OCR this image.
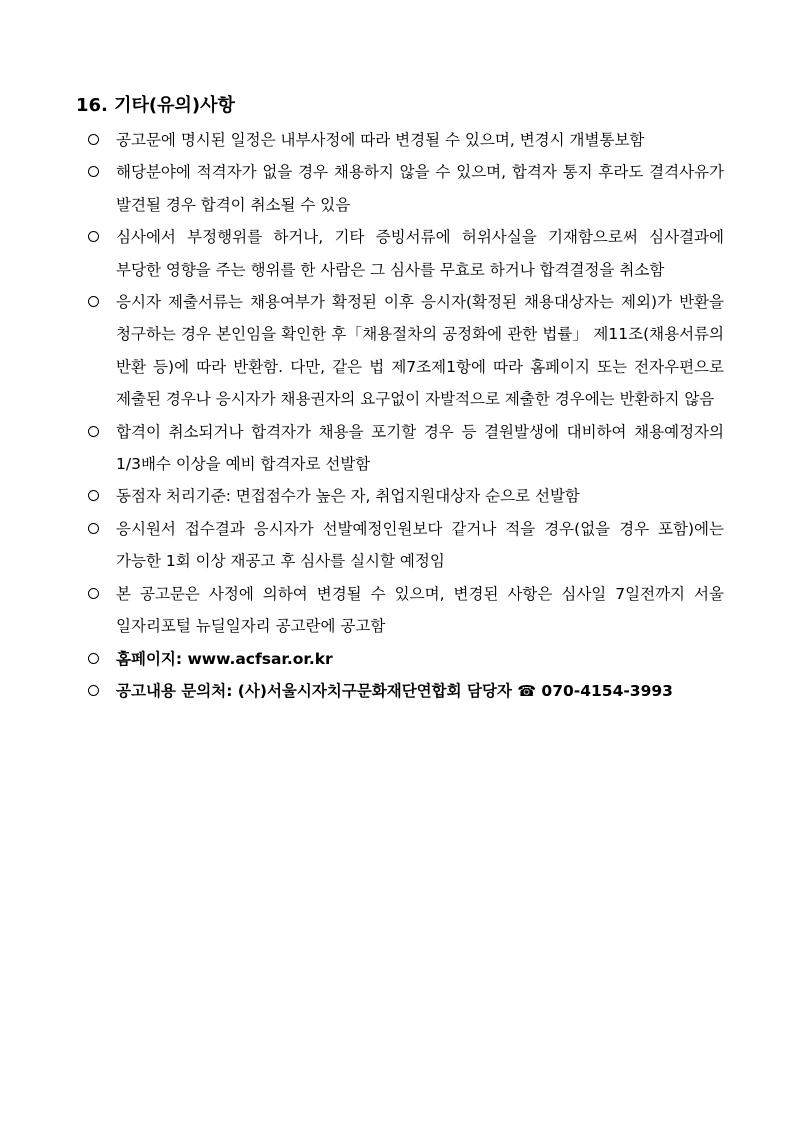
16. 기타(유의)사항
공고문에 명시된 일정은 내부사정에 따라 변경될 수 있으며, 변경시 개별통보함
해당분야에 적격자가 없을 경우 채용하지 않을 수 있으며, 합격자 통지 후라도 결격사유가 발견될 경우 합격이 취소될 수 있음
심사에서 부정행위를 하거나, 기타 증빙서류에 허위사실을 기재함으로써 심사결과에 부당한 영향을 주는 행위를 한 사람은 그 심사를 무효로 하거나 합격결정을 취소함
응시자 제출서류는 채용여부가 확정된 이후 응시자(확정된 채용대상자는 제외)가 반환을 청구하는 경우 본인임을 확인한 후「채용절차의 공정화에 관한 법률」 제11조(채용서류의 반환 등)에 따라 반환함. 다만, 같은 법 제7조제1항에 따라 홈페이지 또는 전자우편으로 제출된 경우나 응시자가 채용권자의 요구없이 자발적으로 제출한 경우에는 반환하지 않음
합격이 취소되거나 합격자가 채용을 포기할 경우 등 결원발생에 대비하여 채용예정자의 1/3배수 이상을 예비 합격자로 선발함
동점자 처리기준: 면접점수가 높은 자, 취업지원대상자 순으로 선발함
응시원서 접수결과 응시자가 선발예정인원보다 같거나 적을 경우(없을 경우 포함)에는 가능한 1회 이상 재공고 후 심사를 실시할 예정임
본 공고문은 사정에 의하여 변경될 수 있으며, 변경된 사항은 심사일 7일전까지 서울 일자리포털 뉴딜일자리 공고란에 공고함
홈페이지: www.acfsar.or.kr
공고내용 문의처: (사)서울시자치구문화재단연합회 담당자 ☎ 070-4154-3993
